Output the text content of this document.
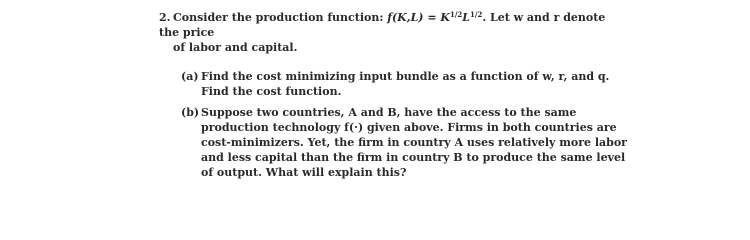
2. Consider the production function: $f(K,L) = K^{1/2}L^{1/2}$. Let w and r denote the price
of labor and capital.
(a) Find the cost minimizing input bundle as a function of w, r, and q. Find the cost function.
(b) Suppose two countries, A and B, have the access to the same production technology f(·) given above. Firms in both countries are cost-minimizers. Yet, the firm in country A uses relatively more labor and less capital than the firm in country B to produce the same level of output. What will explain this?
